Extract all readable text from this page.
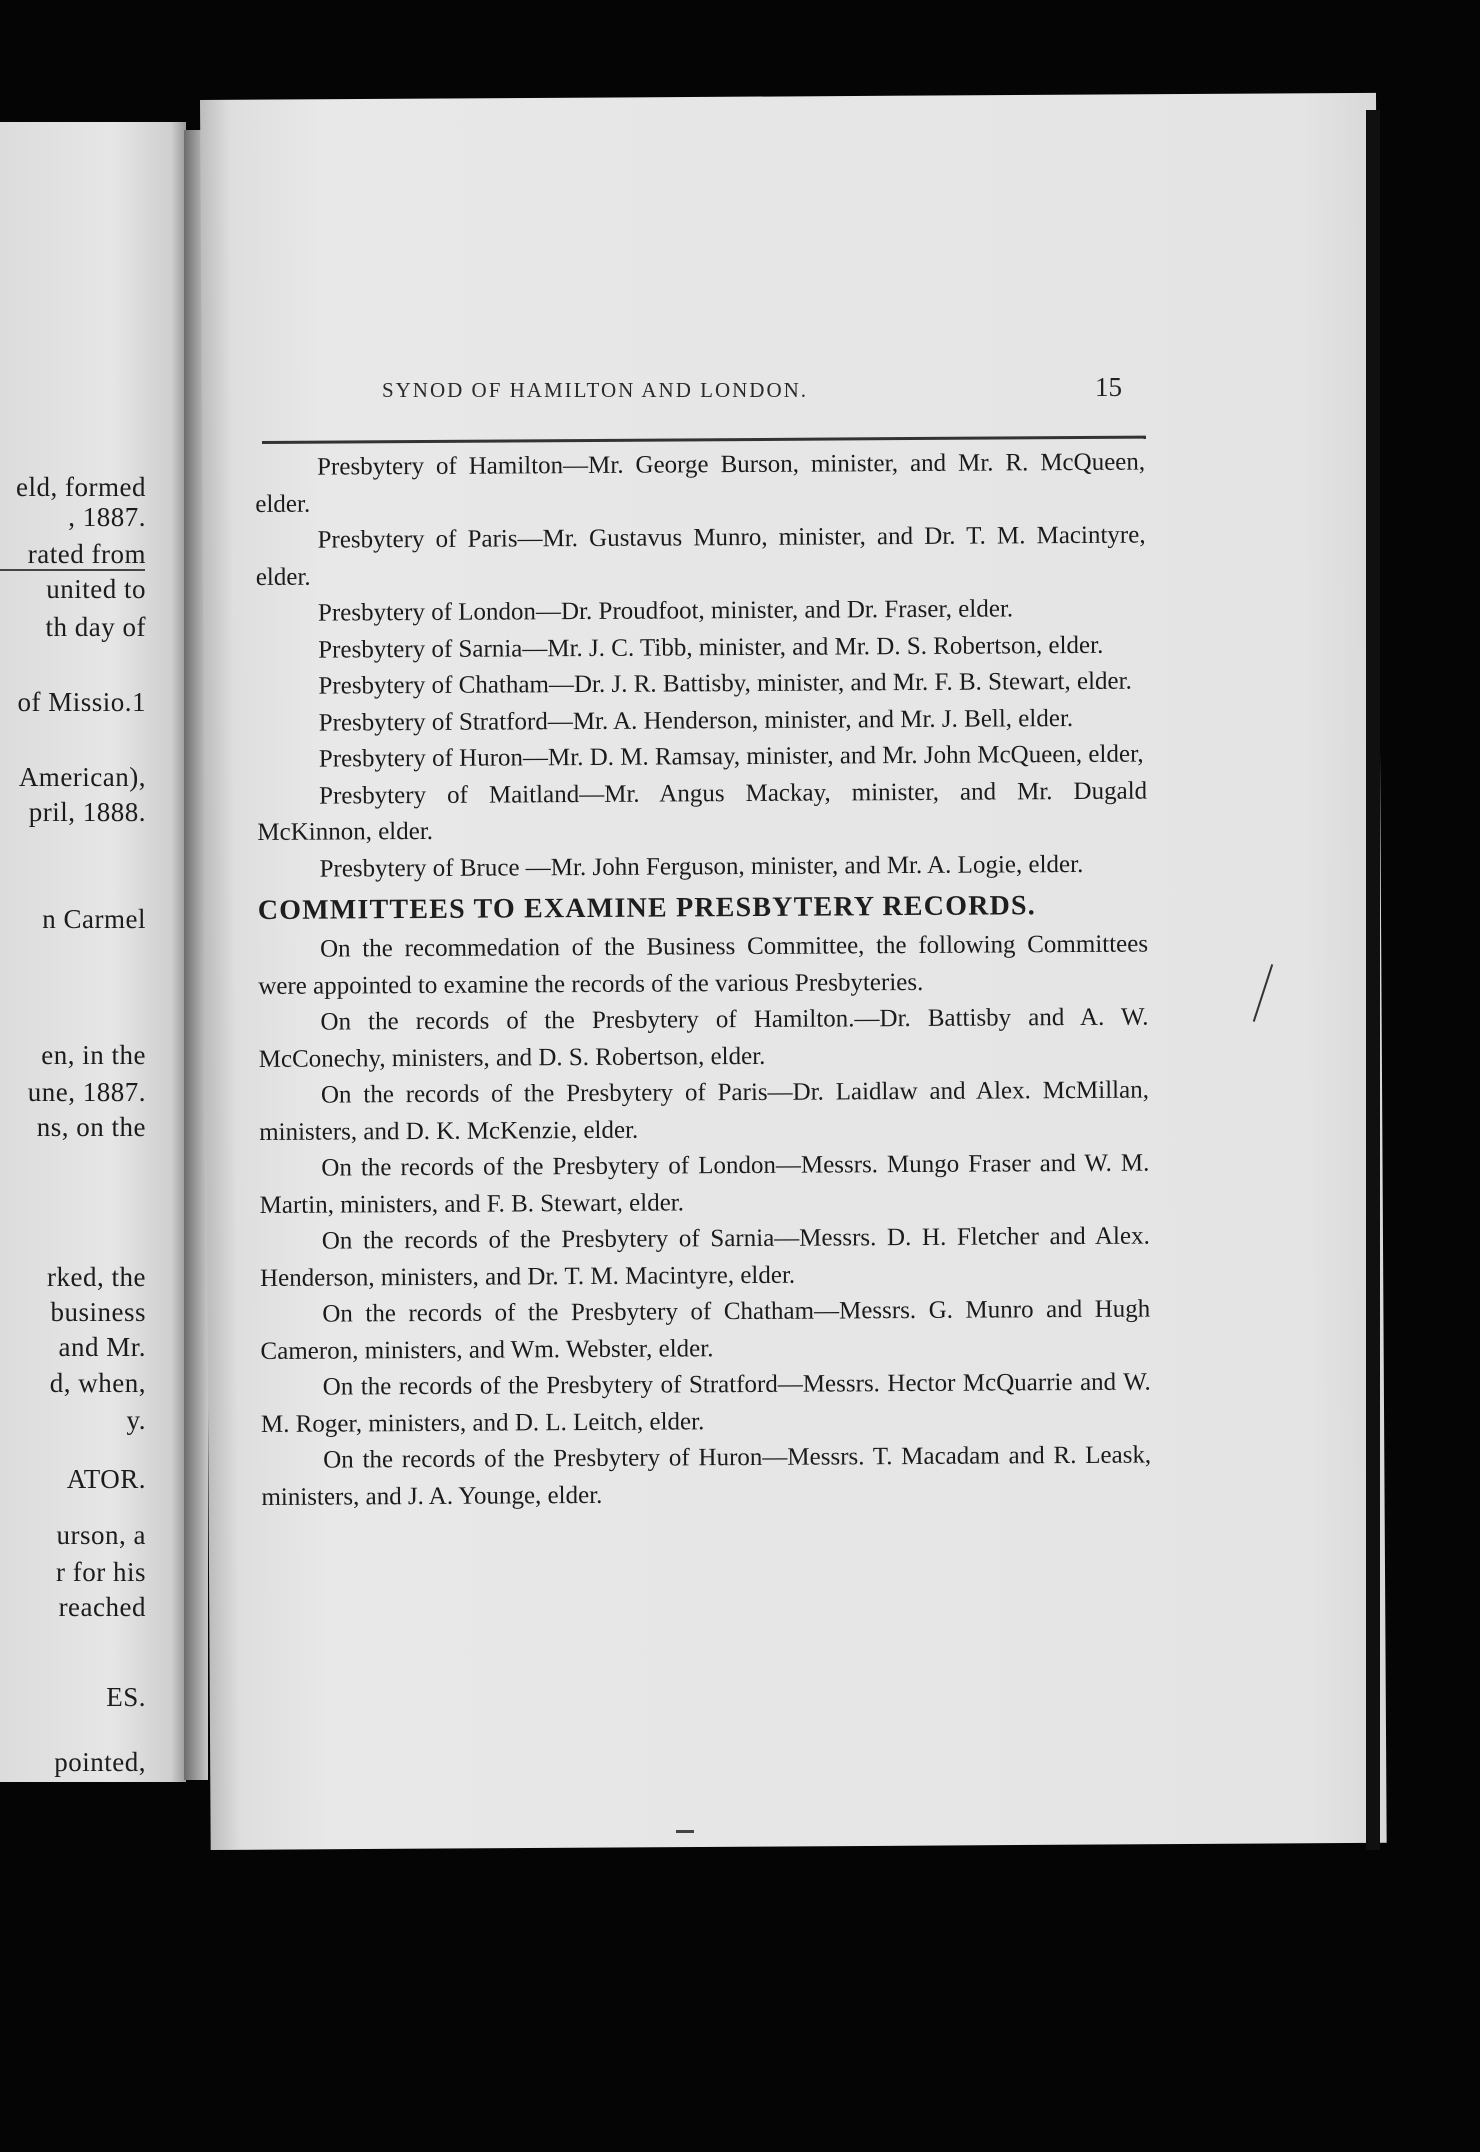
eld, formed
, 1887.
rated from
united to
th day of
of Missio.1
American),
pril, 1888.
n Carmel
en, in the
une, 1887.
ns, on the
rked, the
business
and Mr.
d, when,
y.
ATOR.
urson, a
r for his
reached
ES.
pointed,
SYNOD OF HAMILTON AND LONDON.	15

Presbytery of Hamilton—Mr. George Burson, minister, and Mr. R. McQueen, elder.

Presbytery of Paris—Mr. Gustavus Munro, minister, and Dr. T. M. Macintyre, elder.

Presbytery of London—Dr. Proudfoot, minister, and Dr. Fraser, elder.

Presbytery of Sarnia—Mr. J. C. Tibb, minister, and Mr. D. S. Robertson, elder.

Presbytery of Chatham—Dr. J. R. Battisby, minister, and Mr. F. B. Stewart, elder.

Presbytery of Stratford—Mr. A. Henderson, minister, and Mr. J. Bell, elder.

Presbytery of Huron—Mr. D. M. Ramsay, minister, and Mr. John McQueen, elder,

Presbytery of Maitland—Mr. Angus Mackay, minister, and Mr. Dugald McKinnon, elder.

Presbytery of Bruce —Mr. John Ferguson, minister, and Mr. A. Logie, elder.

COMMITTEES TO EXAMINE PRESBYTERY RECORDS.

On the recommedation of the Business Committee, the following Committees were appointed to examine the records of the various Presbyteries.

On the records of the Presbytery of Hamilton.—Dr. Battisby and A. W. McConechy, ministers, and D. S. Robertson, elder.

On the records of the Presbytery of Paris—Dr. Laidlaw and Alex. McMillan, ministers, and D. K. McKenzie, elder.

On the records of the Presbytery of London—Messrs. Mungo Fraser and W. M. Martin, ministers, and F. B. Stewart, elder.

On the records of the Presbytery of Sarnia—Messrs. D. H. Fletcher and Alex. Henderson, ministers, and Dr. T. M. Macintyre, elder.

On the records of the Presbytery of Chatham—Messrs. G. Munro and Hugh Cameron, ministers, and Wm. Webster, elder.

On the records of the Presbytery of Stratford—Messrs. Hector McQuarrie and W. M. Roger, ministers, and D. L. Leitch, elder.

On the records of the Presbytery of Huron—Messrs. T. Macadam and R. Leask, ministers, and J. A. Younge, elder.
